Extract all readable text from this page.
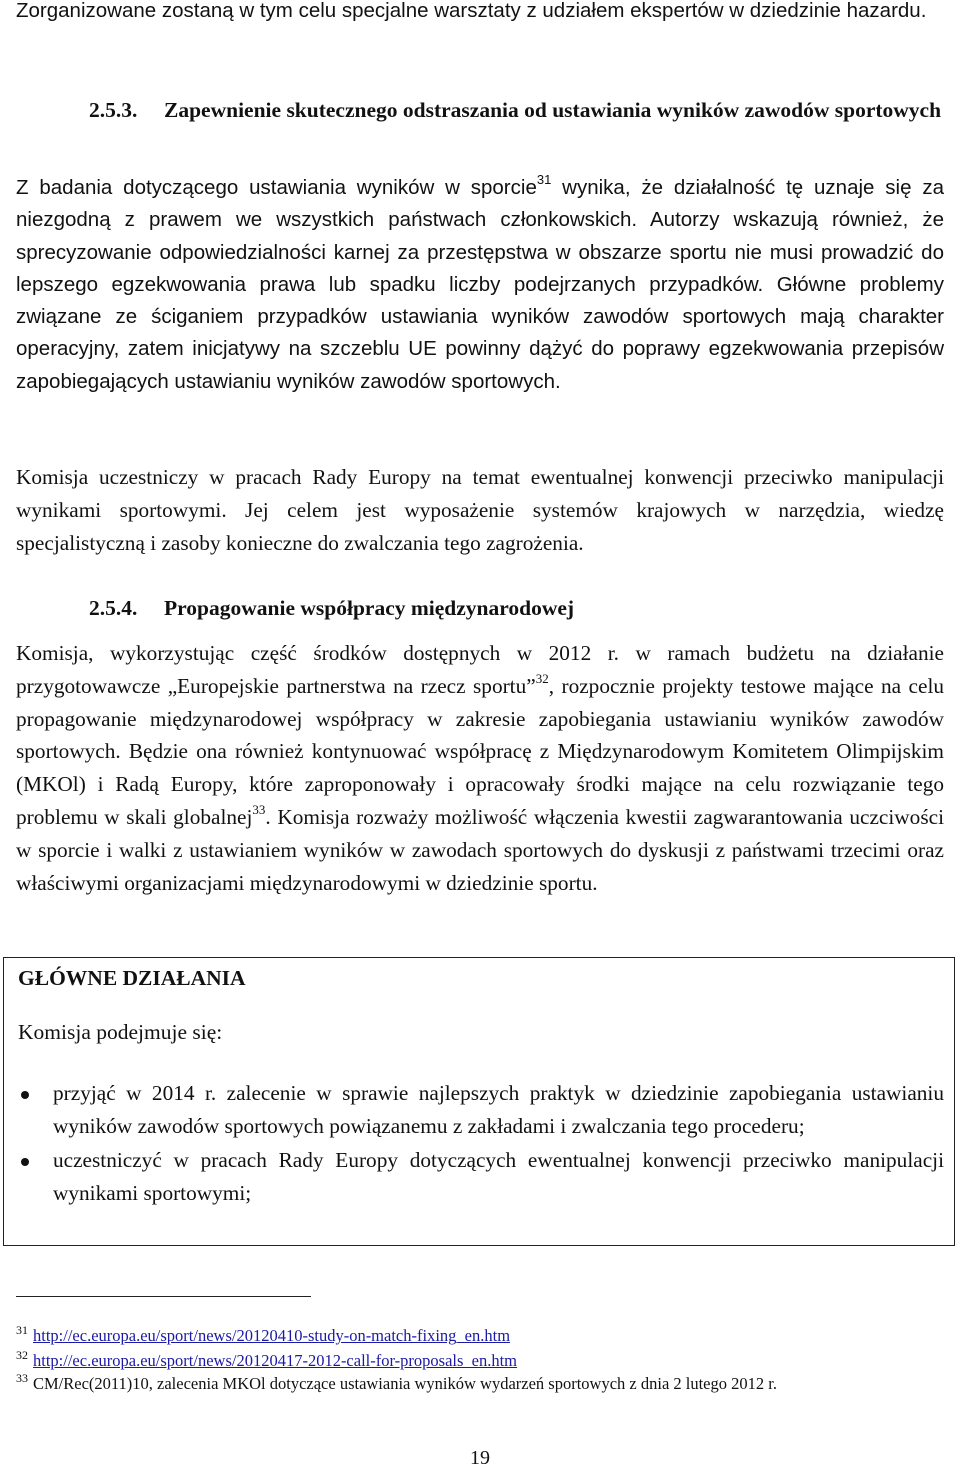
Zorganizowane zostaną w tym celu specjalne warsztaty z udziałem ekspertów w dziedzinie hazardu.

2.5.3. Zapewnienie skutecznego odstraszania od ustawiania wyników zawodów sportowych

Z badania dotyczącego ustawiania wyników w sporcie$^{31}$ wynika, że działalność tę uznaje się za niezgodną z prawem we wszystkich państwach członkowskich. Autorzy wskazują również, że sprecyzowanie odpowiedzialności karnej za przestępstwa w obszarze sportu nie musi prowadzić do lepszego egzekwowania prawa lub spadku liczby podejrzanych przypadków. Główne problemy związane ze ściganiem przypadków ustawiania wyników zawodów sportowych mają charakter operacyjny, zatem inicjatywy na szczeblu UE powinny dążyć do poprawy egzekwowania przepisów zapobiegających ustawianiu wyników zawodów sportowych.

Komisja uczestniczy w pracach Rady Europy na temat ewentualnej konwencji przeciwko manipulacji wynikami sportowymi. Jej celem jest wyposażenie systemów krajowych w narzędzia, wiedzę specjalistyczną i zasoby konieczne do zwalczania tego zagrożenia.

2.5.4. Propagowanie współpracy międzynarodowej

Komisja, wykorzystując część środków dostępnych w 2012 r. w ramach budżetu na działanie przygotowawcze „Europejskie partnerstwa na rzecz sportu”$^{32}$, rozpocznie projekty testowe mające na celu propagowanie międzynarodowej współpracy w zakresie zapobiegania ustawianiu wyników zawodów sportowych. Będzie ona również kontynuować współpracę z Międzynarodowym Komitetem Olimpijskim (MKOl) i Radą Europy, które zaproponowały i opracowały środki mające na celu rozwiązanie tego problemu w skali globalnej$^{33}$. Komisja rozważy możliwość włączenia kwestii zagwarantowania uczciwości w sporcie i walki z ustawianiem wyników w zawodach sportowych do dyskusji z państwami trzecimi oraz właściwymi organizacjami międzynarodowymi w dziedzinie sportu.

GŁÓWNE DZIAŁANIA

Komisja podejmuje się:

przyjąć w 2014 r. zalecenie w sprawie najlepszych praktyk w dziedzinie zapobiegania ustawianiu wyników zawodów sportowych powiązanemu z zakładami i zwalczania tego procederu;
uczestniczyć w pracach Rady Europy dotyczących ewentualnej konwencji przeciwko manipulacji wynikami sportowymi;

$^{31}$ http://ec.europa.eu/sport/news/20120410-study-on-match-fixing_en.htm

$^{32}$ http://ec.europa.eu/sport/news/20120417-2012-call-for-proposals_en.htm

$^{33}$ CM/Rec(2011)10, zalecenia MKOl dotyczące ustawiania wyników wydarzeń sportowych z dnia 2 lutego 2012 r.

19
